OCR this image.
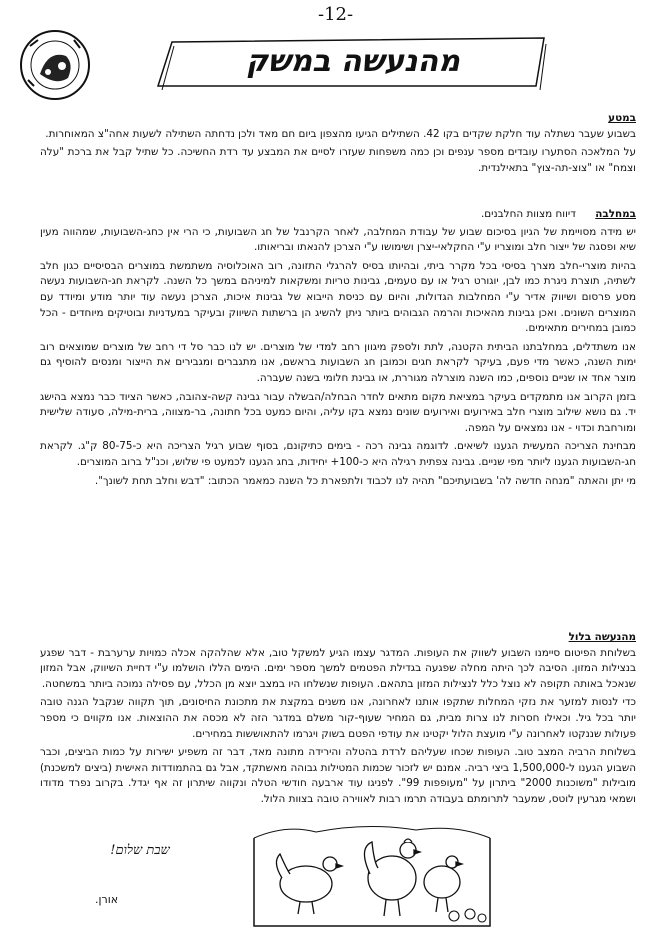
-12-
מהנעשה במשק
במטע

בשבוע שעבר נשתלה עוד חלקת שקדים בקו 42. השתילים הגיעו מהצפון ביום חם מאד ולכן נדחתה השתילה לשעות אחה"צ המאוחרות.

על המלאכה הסתערו עובדים מספר ענפים וכן כמה משפחות שעזרו לסיים את המבצע עד רדת החשיכה. כל שתיל קבל את ברכת "עלה וצמח" או "צוצ-תה-צוץ" בתאילנדית.

במחלבה דיווח מצוות החלבנים.

יש מידה מסויימת של הגיון בסיכום שבוע של עבודת המחלבה, לאחר הקרנבל של חג השבועות, כי הרי אין כחג-השבועות, שמהווה מעין שיא ופסגה של ייצור חלב ומוצריו ע"י החקלאי-יצרן ושימושו ע"י הצרכן להנאתו ובריאותו.

בהיות מוצרי-חלב מצרך בסיסי בכל מקרר ביתי, ובהיותו בסיס להרגלי התזונה, רוב האוכלוסיה משתמשת במוצרים הבסיסיים כגון חלב לשתיה, תוצרת ניגרת כמו לבן, יוגורט רגיל או עם טעמים, גבינות טריות ומשקאות למיניהם במשך כל השנה. לקראת חג-השבועות נעשה מסע פרסום ושיווק אדיר ע"י המחלבות הגדולות, והיום עם כניסת הייבוא של גבינות איכות, הצרכן נעשה עוד יותר מודע ומיודד עם המוצרים השונים. ואכן גבינות מהאיכות והרמה הגבוהים ביותר ניתן להשיג הן ברשתות השיווק ובעיקר במעדניות ובוטיקים מיוחדים - הכל כמובן במחירים מתאימים.

אנו משתדלים, במחלבתנו הביתית הקטנה, לתת ולספק מיגוון רחב למדי של מוצרים. יש לנו כבר סל די רחב של מוצרים שמוצאים רוב ימות השנה, כאשר מדי פעם, בעיקר לקראת חגים וכמובן חג השבועות בראשם, אנו מתגברים ומגבירים את הייצור ומנסים להוסיף גם מוצר אחד או שניים נוספים, כמו השנה מוצרלה מגוררת, או גבינת חלומי בשנה שעברה.

בזמן הקרוב אנו מתמקדים בעיקר במציאת מקום מתאים לחדר הבחלה/הבשלה עבור גבינה קשה-צהובה, כאשר הציוד כבר נמצא בהישג יד. גם נושא שילוב מוצרי חלב באירועים ואירועים שונים נמצא בקו עליה, והיום כמעט בכל חתונה, בר-מצווה, ברית-מילה, סעודה שלישית ומורחבת וכדוי - אנו נמצאים על המפה.

מבחינת הצריכה המעשית הגענו לשיאים. לדוגמה גבינה רכה - בימים כתיקונם, בסוף שבוע רגיל הצריכה היא כ-80-75 ק"ג. לקראת חג-השבועות הגענו ליותר מפי שניים. גבינה צפתית רגילה היא כ-100+ יחידות, בחג הגענו לכמעט פי שלוש, וכנ"ל ברוב המוצרים.

מי יתן והאתה "מנחה חדשה לה' בשבועתיכם" תהיה לנו לכבוד ולתפארת כל השנה כמאמר הכתוב: "דבש וחלב תחת לשונך".

מהנעשה בלול

בשלוחת הפיטום סיימנו השבוע לשווק את העופות. המדגר עצמו הגיע למשקל טוב, אלא שהלהקה אכלה כמויות ערערבת - דבר שפגע בנצילות המזון. הסיבה לכך היתה מחלה שפגעה בגדילת הפטמים למשך מספר ימים. הימים הללו הושלמו ע"י דחיית השיווק, אבל המזון שנאכל באותה תקופה לא נוצל כלל לנצילות המזון בתהאם. העופות שנשלחו היו במצב יוצא מן הכלל, עם פסילה נמוכה ביותר במשחטה.

כדי לנסות למזער את נזקי המחלות שתקפו אותנו לאחרונה, אנו משנים במקצת את מתכונת החיסונים, תוך תקווה שנקבל הגנה טובה יותר בכל גיל. וכאילו חסרות לנו צרות מבית, גם המחיר שעוף-קור משלם במדגר הזה לא מכסה את ההוצאות. אנו מקווים כי מספר פעולות שננקטו לאחרונה ע"י מועצת הלול יקטינו את עודפי הפטם בשוק ויגרמו להתאוששות במחירים.

בשלוחת הרביה המצב טוב. העופות שכחו שעליהם לרדת בהטלה והירידה מתונה מאד, דבר זה משפיע ישירות על כמות הביצים, וכבר השבוע הגענו ל-1,500,000 ביצי רביה. אמנם יש לזכור שכמות המטילות גבוהה מאשתקד, אבל גם בהתמודדות האישית (ביצים למשכנת) מובילות "משוכנות 2000" ביתרון על "מעופפות 99". לפניגו עוד ארבעה חודשי הטלה ונקווה שיתרון זה אף יגדל. בקרוב נפרד מדודו ושמאי מגרעין לוטס, שמעבר לתרומתם בעבודה תרמו רבות לאווירה טובה בצוות הלול.

שבת שלום!
אורן.
